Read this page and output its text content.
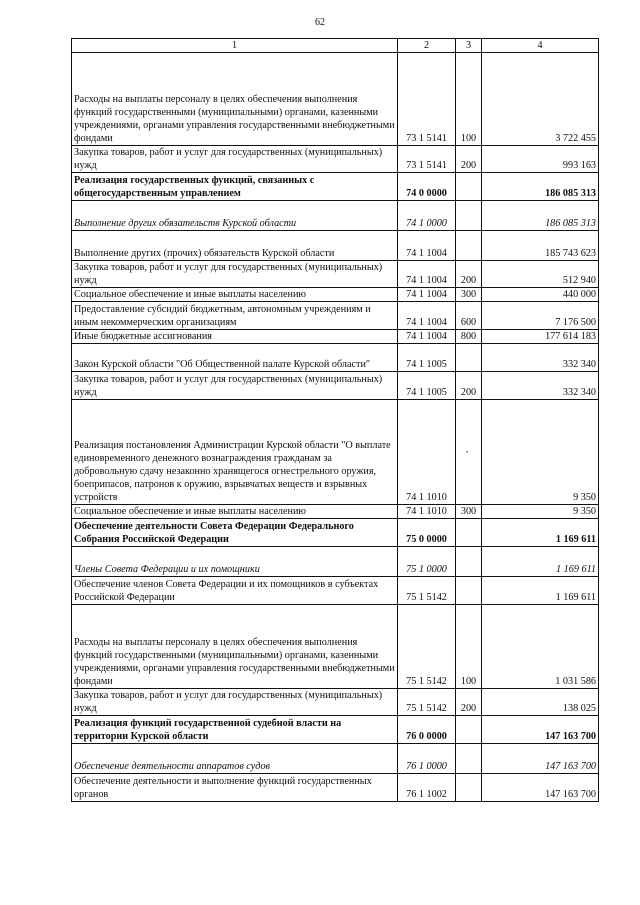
62
1	2	3	4
Расходы на выплаты персоналу в целях обеспечения выполнения функций государственными (муниципальными) органами, казенными учреждениями, органами управления государственными внебюджетными фондами	73 1 5141	100	3 722 455
Закупка товаров, работ и услуг для государственных (муниципальных) нужд	73 1 5141	200	993 163
Реализация государственных функций, связанных с общегосударственным управлением	74 0 0000		186 085 313
Выполнение других обязательств Курской области	74 1 0000		186 085 313
Выполнение других (прочих) обязательств Курской области	74 1 1004		185 743 623
Закупка товаров, работ и услуг для государственных (муниципальных) нужд	74 1 1004	200	512 940
Социальное обеспечение и иные выплаты населению	74 1 1004	300	440 000
Предоставление субсидий бюджетным, автономным учреждениям и иным некоммерческим организациям	74 1 1004	600	7 176 500
Иные бюджетные ассигнования	74 1 1004	800	177 614 183
Закон Курской области "Об Общественной палате Курской области"	74 1 1005		332 340
Закупка товаров, работ и услуг для государственных (муниципальных) нужд	74 1 1005	200	332 340
Реализация постановления Администрации Курской области "О выплате единовременного денежного вознаграждения гражданам за добровольную сдачу незаконно хранящегося огнестрельного оружия, боеприпасов, патронов к оружию, взрывчатых веществ и взрывных устройств	74 1 1010		9 350
Социальное обеспечение и иные выплаты населению	74 1 1010	300	9 350
Обеспечение деятельности Совета Федерации Федерального Собрания Российской Федерации	75 0 0000		1 169 611
Члены Совета Федерации и их помощники	75 1 0000		1 169 611
Обеспечение членов Совета Федерации и их помощников в субъектах Российской Федерации	75 1 5142		1 169 611
Расходы на выплаты персоналу в целях обеспечения выполнения функций государственными (муниципальными) органами, казенными учреждениями, органами управления государственными внебюджетными фондами	75 1 5142	100	1 031 586
Закупка товаров, работ и услуг для государственных (муниципальных) нужд	75 1 5142	200	138 025
Реализация функций государственной судебной власти на территории Курской области	76 0 0000		147 163 700
Обеспечение деятельности аппаратов судов	76 1 0000		147 163 700
Обеспечение деятельности и выполнение функций государственных органов	76 1 1002		147 163 700
•
